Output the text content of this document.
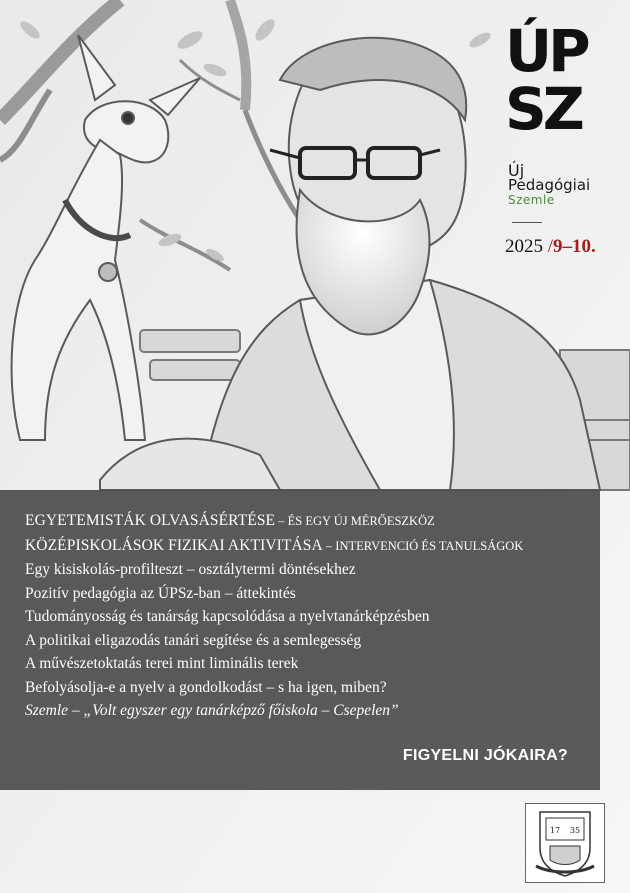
ÚP
SZ
Új
Pedagógiai
Szemle
2025 /9–10.
EGYETEMISTÁK OLVASÁSÉRTÉSE – ÉS EGY ÚJ MÉRŐESZKÖZ
KÖZÉPISKOLÁSOK FIZIKAI AKTIVITÁSA – INTERVENCIÓ ÉS TANULSÁGOK
Egy kisiskolás-profilteszt – osztálytermi döntésekhez
Pozitív pedagógia az ÚPSz-ban – áttekintés
Tudományosság és tanárság kapcsolódása a nyelvtanárképzésben
A politikai eligazodás tanári segítése és a semlegesség
A művészetoktatás terei mint liminális terek
Befolyásolja-e a nyelv a gondolkodást – s ha igen, miben?
Szemle – „Volt egyszer egy tanárképző főiskola – Csepelen”
FIGYELNI JÓKAIRA?
17 35
